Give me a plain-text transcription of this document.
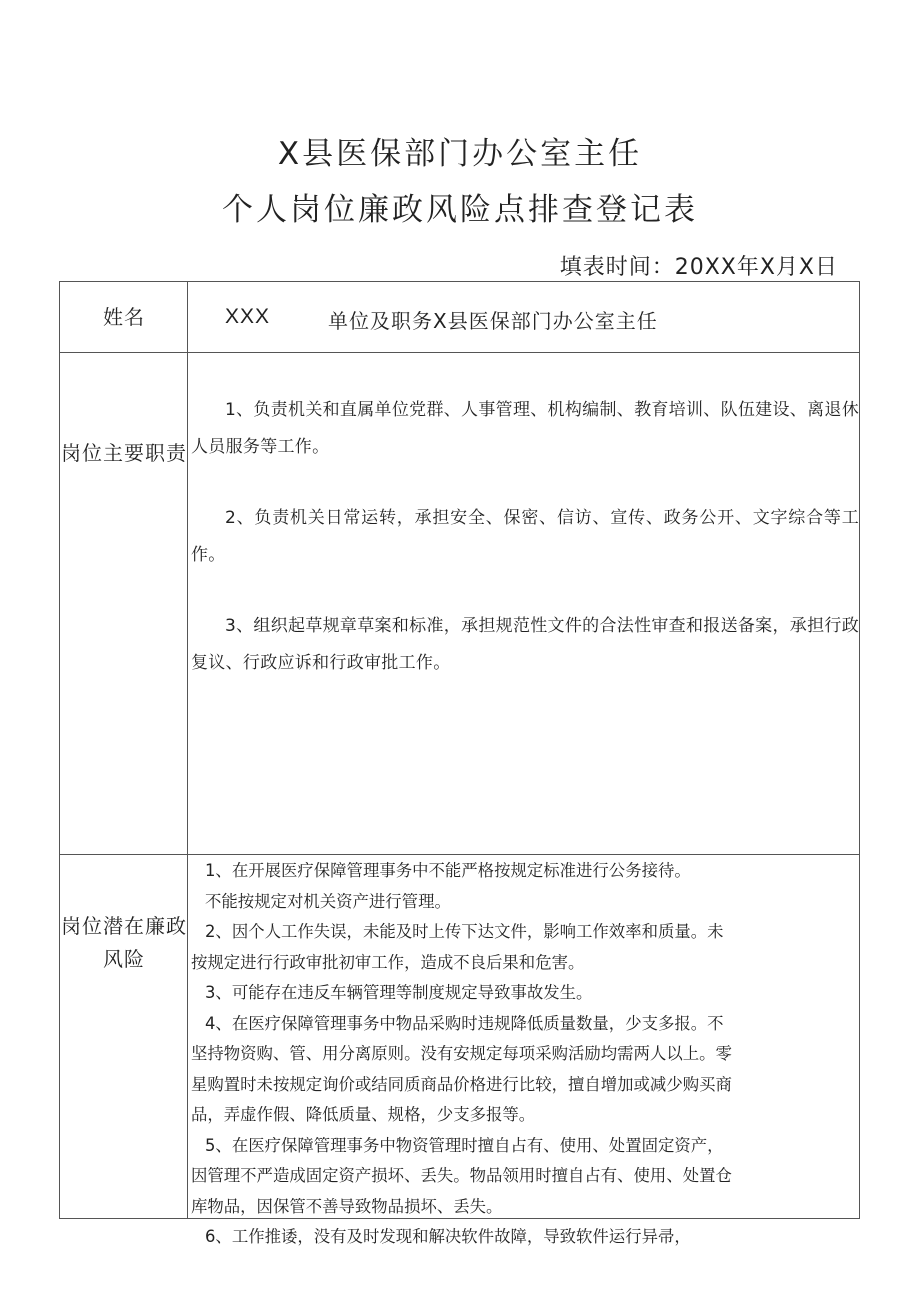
X县医保部门办公室主任
个人岗位廉政风险点排查登记表
填表时间：20XX年X月X日
姓名	XXX	单位及职务X县医保部门办公室主任
岗位主要职责
1、负责机关和直属单位党群、人事管理、机构编制、教育培训、队伍建设、离退休人员服务等工作。
2、负责机关日常运转，承担安全、保密、信访、宣传、政务公开、文字综合等工作。
3、组织起草规章草案和标准，承担规范性文件的合法性审查和报送备案，承担行政复议、行政应诉和行政审批工作。
岗位潜在廉政风险
1、在开展医疗保障管理事务中不能严格按规定标准进行公务接待。
不能按规定对机关资产进行管理。
2、因个人工作失误，未能及时上传下达文件，影响工作效率和质量。未
按规定进行行政审批初审工作，造成不良后果和危害。
3、可能存在违反车辆管理等制度规定导致事故发生。
4、在医疗保障管理事务中物品采购时违规降低质量数量，少支多报。不
坚持物资购、管、用分离原则。没有安规定每项采购活励均需两人以上。零
星购置时未按规定询价或结同质商品价格进行比较，擅自增加或减少购买商
品，弄虚作假、降低质量、规格，少支多报等。
5、在医疗保障管理事务中物资管理时擅自占有、使用、处置固定资产，
因管理不严造成固定资产损坏、丢失。物品领用时擅自占有、使用、处置仓
库物品，因保管不善导致物品损坏、丢失。
6、工作推诿，没有及时发现和解决软件故障，导致软件运行异帚，
